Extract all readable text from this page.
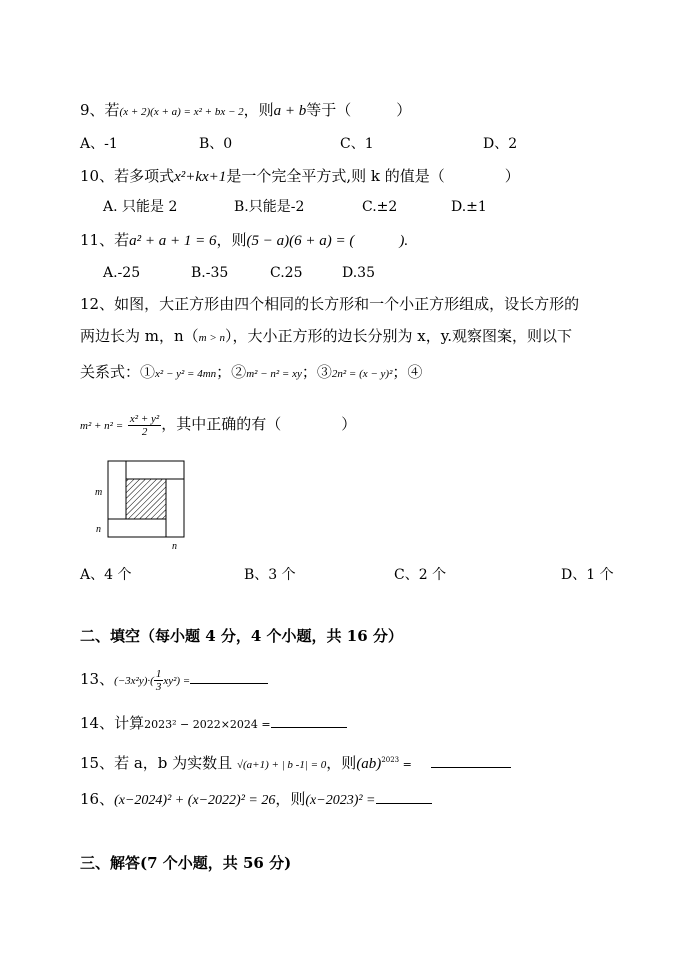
9、若(x + 2)(x + a) = x² + bx − 2，则a + b等于（　　　）
A、-1	B、0	C、1	D、2
10、若多项式x²+kx+1是一个完全平方式,则 k 的值是（　　　　）
A. 只能是 2	B.只能是-2	C.±2	D.±1
11、若a² + a + 1 = 6，则(5 − a)(6 + a) = (　　　).
A.-25	B.-35	C.25	D.35
12、如图，大正方形由四个相同的长方形和一个小正方形组成，设长方形的
两边长为 m，n（m > n），大小正方形的边长分别为 x，y.观察图案，则以下
关系式：①x² − y² = 4mn；②m² − n² = xy；③2n² = (x − y)²；④
$m^2 + n^2 = \frac{\text{x² + y²}}{2}$ ，其中正确的有（　　　　）
m
n
n
A、4 个	B、3 个	C、2 个	D、1 个
二、填空（每小题 4 分，4 个小题，共 16 分）
13、$(-3x^2y)\cdot( \frac{1}{3} xy^2)$ =
14、计算2023² − 2022×2024 =
15、若 a，b 为实数且 √(a+1) + | b -1| = 0，则(ab)$^{2023}$ =
16、(x−2024)² + (x−2022)² = 26，则(x−2023)² =
三、解答(7 个小题，共 56 分)
